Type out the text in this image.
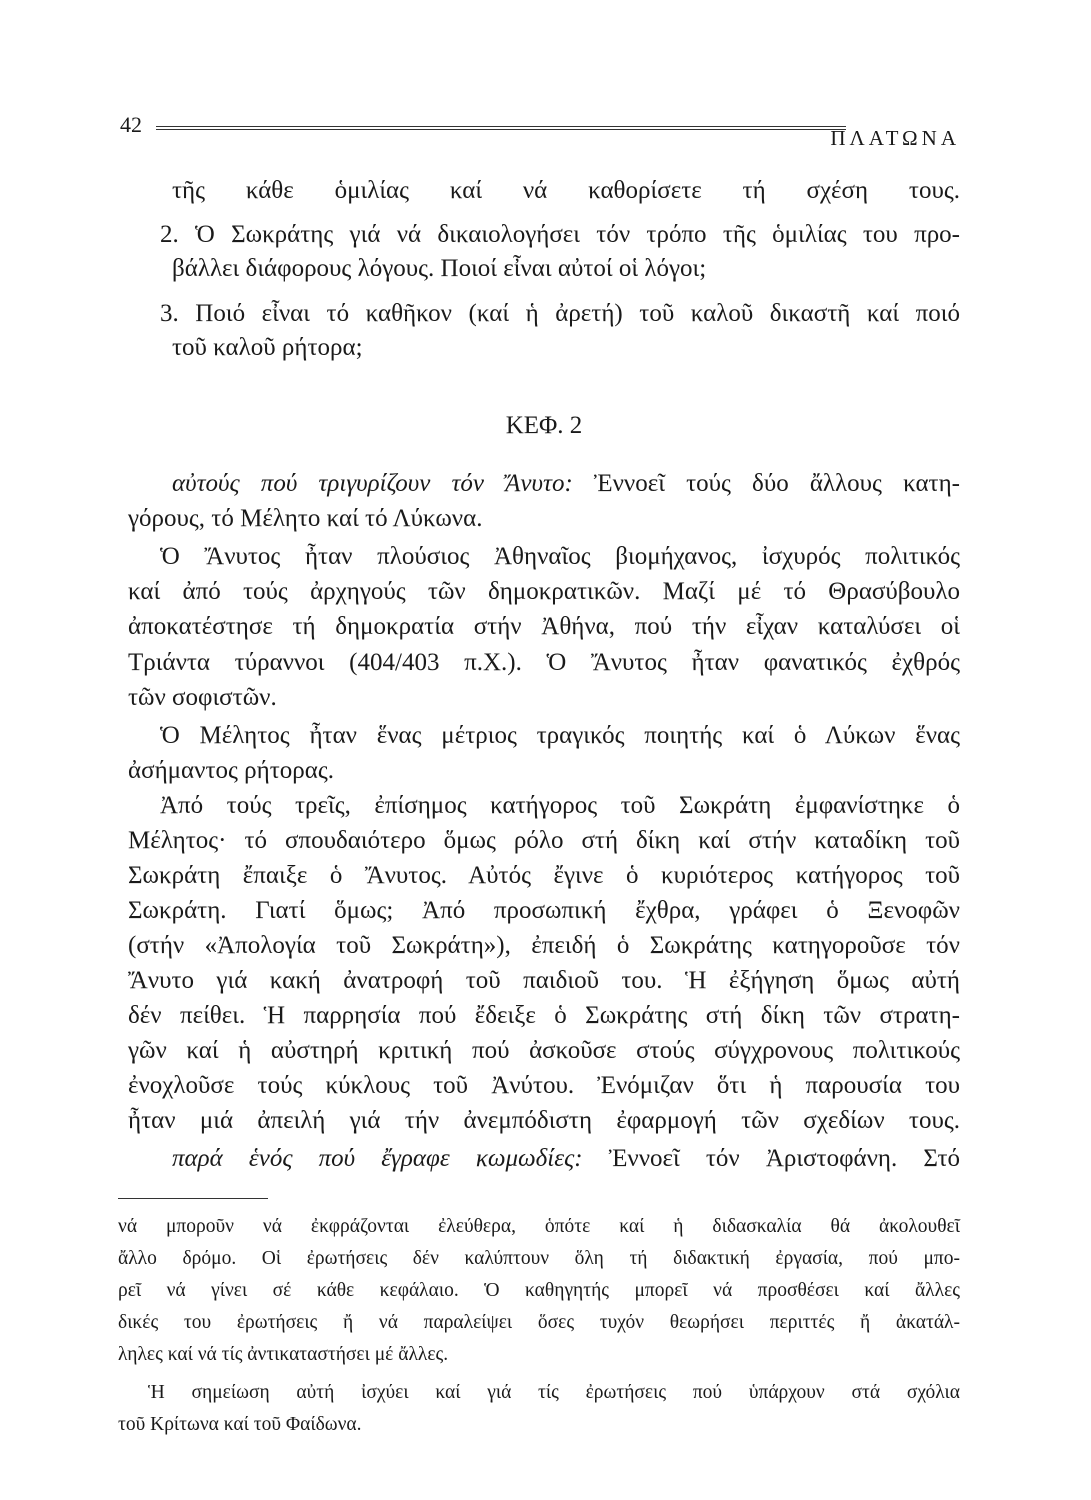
42
ΠΛΑΤΩΝΑ
τῆς κάθε ὁμιλίας καί νά καθορίσετε τή σχέση τους.
2. Ὁ Σωκράτης γιά νά δικαιολογήσει τόν τρόπο τῆς ὁμιλίας του προ-
βάλλει διάφορους λόγους. Ποιοί εἶναι αὐτοί οἱ λόγοι;
3. Ποιό εἶναι τό καθῆκον (καί ἡ ἀρετή) τοῦ καλοῦ δικαστῆ καί ποιό
τοῦ καλοῦ ρήτορα;
ΚΕΦ. 2
αὐτούς πού τριγυρίζουν τόν Ἄνυτο: Ἐννοεῖ τούς δύο ἄλλους κατη-
γόρους, τό Μέλητο καί τό Λύκωνα.
Ὁ Ἄνυτος ἦταν πλούσιος Ἀθηναῖος βιομήχανος, ἰσχυρός πολιτικός
καί ἀπό τούς ἀρχηγούς τῶν δημοκρατικῶν. Μαζί μέ τό Θρασύβουλο
ἀποκατέστησε τή δημοκρατία στήν Ἀθήνα, πού τήν εἶχαν καταλύσει οἱ
Τριάντα τύραννοι (404/403 π.Χ.). Ὁ Ἄνυτος ἦταν φανατικός ἐχθρός
τῶν σοφιστῶν.
Ὁ Μέλητος ἦταν ἕνας μέτριος τραγικός ποιητής καί ὁ Λύκων ἕνας
ἀσήμαντος ρήτορας.
Ἀπό τούς τρεῖς, ἐπίσημος κατήγορος τοῦ Σωκράτη ἐμφανίστηκε ὁ
Μέλητος· τό σπουδαιότερο ὅμως ρόλο στή δίκη καί στήν καταδίκη τοῦ
Σωκράτη ἔπαιξε ὁ Ἄνυτος. Αὐτός ἔγινε ὁ κυριότερος κατήγορος τοῦ
Σωκράτη. Γιατί ὅμως; Ἀπό προσωπική ἔχθρα, γράφει ὁ Ξενοφῶν
(στήν «Ἀπολογία τοῦ Σωκράτη»), ἐπειδή ὁ Σωκράτης κατηγοροῦσε τόν
Ἄνυτο γιά κακή ἀνατροφή τοῦ παιδιοῦ του. Ἡ ἐξήγηση ὅμως αὐτή
δέν πείθει. Ἡ παρρησία πού ἔδειξε ὁ Σωκράτης στή δίκη τῶν στρατη-
γῶν καί ἡ αὐστηρή κριτική πού ἀσκοῦσε στούς σύγχρονους πολιτικούς
ἐνοχλοῦσε τούς κύκλους τοῦ Ἀνύτου. Ἐνόμιζαν ὅτι ἡ παρουσία του
ἦταν μιά ἀπειλή γιά τήν ἀνεμπόδιστη ἐφαρμογή τῶν σχεδίων τους.
παρά ἑνός πού ἔγραφε κωμωδίες: Ἐννοεῖ τόν Ἀριστοφάνη. Στό
νά μποροῦν νά ἐκφράζονται ἐλεύθερα, ὁπότε καί ἡ διδασκαλία θά ἀκολουθεῖ
ἄλλο δρόμο. Οἱ ἐρωτήσεις δέν καλύπτουν ὅλη τή διδακτική ἐργασία, πού μπο-
ρεῖ νά γίνει σέ κάθε κεφάλαιο. Ὁ καθηγητής μπορεῖ νά προσθέσει καί ἄλλες
δικές του ἐρωτήσεις ἤ νά παραλείψει ὅσες τυχόν θεωρήσει περιττές ἤ ἀκατάλ-
ληλες καί νά τίς ἀντικαταστήσει μέ ἄλλες.
Ἡ σημείωση αὐτή ἰσχύει καί γιά τίς ἐρωτήσεις πού ὑπάρχουν στά σχόλια
τοῦ Κρίτωνα καί τοῦ Φαίδωνα.
